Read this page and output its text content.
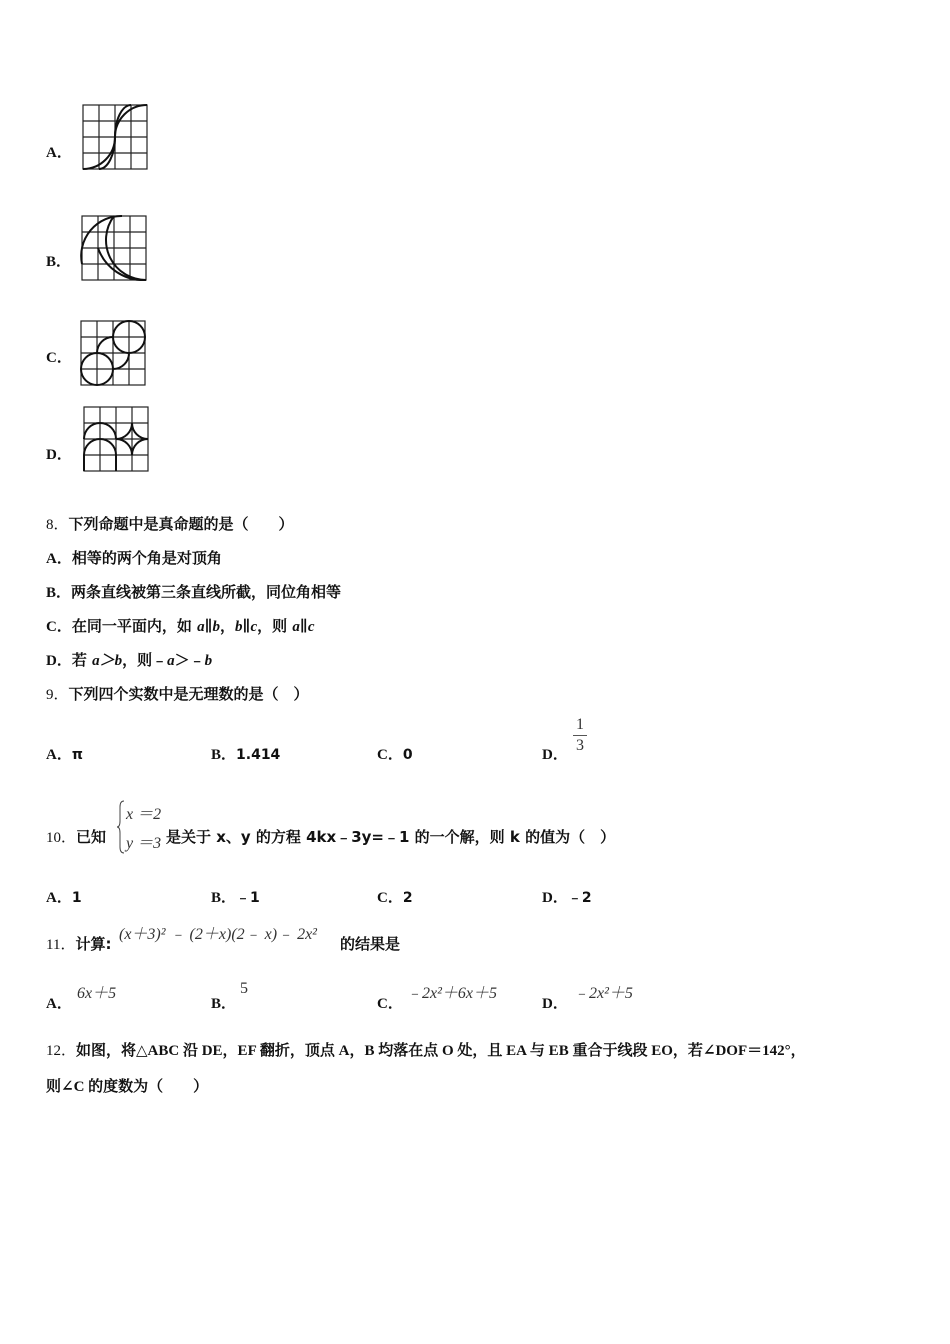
A．
B．
C．
D．
8．下列命题中是真命题的是（　　）
A．相等的两个角是对顶角
B．两条直线被第三条直线所截，同位角相等
C．在同一平面内，如 a∥b，b∥c，则 a∥c
D．若 a＞b，则﹣a＞﹣b
9．下列四个实数中是无理数的是（　）
A．π	B．1.414	C．0	D．
1
3
10．已知
x ＝2
y ＝3 是关于 x、y 的方程 4kx﹣3y=﹣1 的一个解，则 k 的值为（　）
A．1	B．﹣1	C．2	D．﹣2
11．计算:
(x＋3)² ﹣ (2＋x)(2﹣ x)﹣ 2x²
的结果是
A．
6x＋5
B．
5
C．
﹣2x²＋6x＋5
D．
﹣2x²＋5
12．如图，将△ABC 沿 DE，EF 翻折，顶点 A，B 均落在点 O 处，且 EA 与 EB 重合于线段 EO，若∠DOF＝142°，
则∠C 的度数为（　　）
